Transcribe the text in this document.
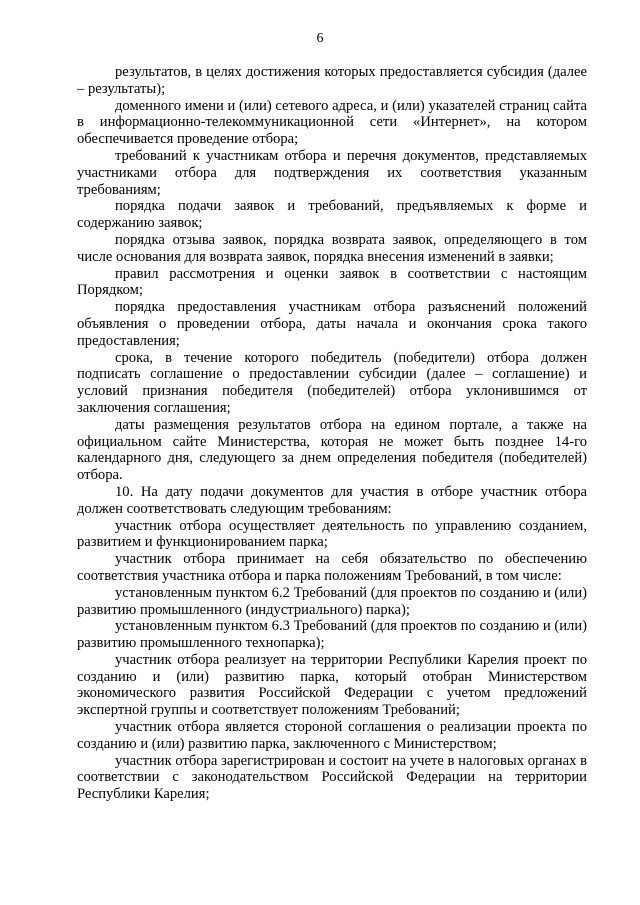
6

результатов, в целях достижения которых предоставляется субсидия (далее – результаты);

доменного имени и (или) сетевого адреса, и (или) указателей страниц сайта в информационно-телекоммуникационной сети «Интернет», на котором обеспечивается проведение отбора;

требований к участникам отбора и перечня документов, представляемых участниками отбора для подтверждения их соответствия указанным требованиям;

порядка подачи заявок и требований, предъявляемых к форме и содержанию заявок;

порядка отзыва заявок, порядка возврата заявок, определяющего в том числе основания для возврата заявок, порядка внесения изменений в заявки;

правил рассмотрения и оценки заявок в соответствии с настоящим Порядком;

порядка предоставления участникам отбора разъяснений положений объявления о проведении отбора, даты начала и окончания срока такого предоставления;

срока, в течение которого победитель (победители) отбора должен подписать соглашение о предоставлении субсидии (далее – соглашение) и условий признания победителя (победителей) отбора уклонившимся от заключения соглашения;

даты размещения результатов отбора на едином портале, а также на официальном сайте Министерства, которая не может быть позднее 14-го календарного дня, следующего за днем определения победителя (победителей) отбора.

10. На дату подачи документов для участия в отборе участник отбора должен соответствовать следующим требованиям:

участник отбора осуществляет деятельность по управлению созданием, развитием и функционированием парка;

участник отбора принимает на себя обязательство по обеспечению соответствия участника отбора и парка положениям Требований, в том числе:

установленным пунктом 6.2 Требований (для проектов по созданию и (или) развитию промышленного (индустриального) парка);

установленным пунктом 6.3 Требований (для проектов по созданию и (или) развитию промышленного технопарка);

участник отбора реализует на территории Республики Карелия проект по созданию и (или) развитию парка, который отобран Министерством экономического развития Российской Федерации с учетом предложений экспертной группы и соответствует положениям Требований;

участник отбора является стороной соглашения о реализации проекта по созданию и (или) развитию парка, заключенного с Министерством;

участник отбора зарегистрирован и состоит на учете в налоговых органах в соответствии с законодательством Российской Федерации на территории Республики Карелия;
